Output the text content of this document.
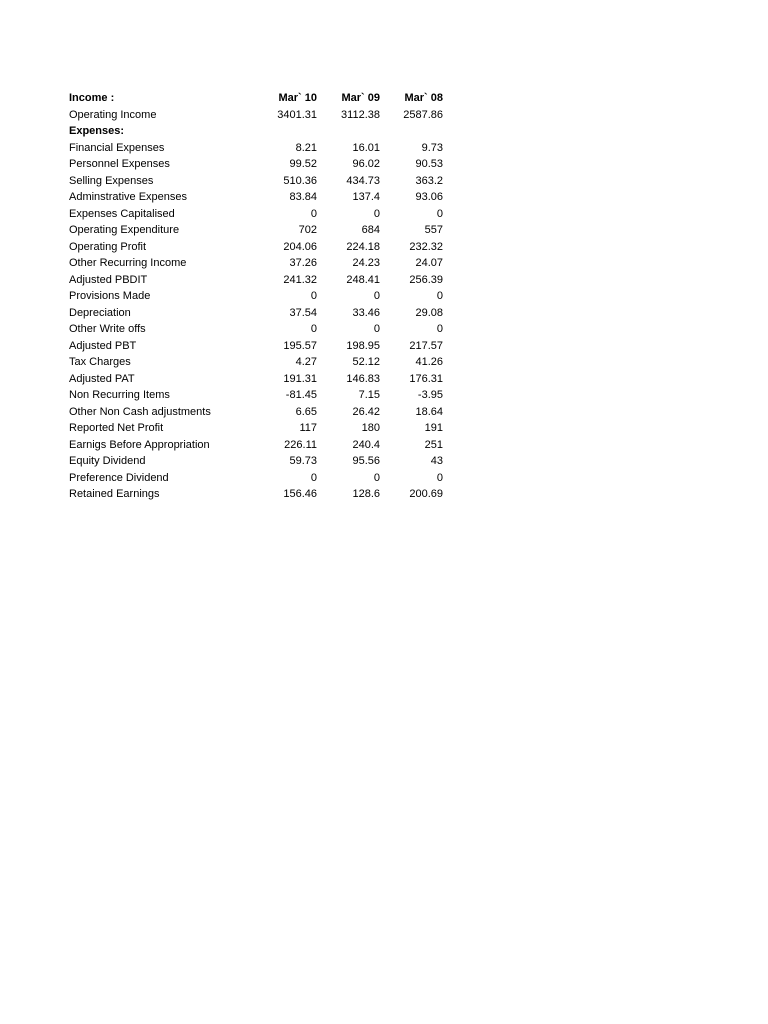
Income :	Mar` 10	Mar` 09	Mar` 08
Operating Income	3401.31	3112.38	2587.86
Expenses:			
Financial Expenses	8.21	16.01	9.73
Personnel Expenses	99.52	96.02	90.53
Selling Expenses	510.36	434.73	363.2
Adminstrative Expenses	83.84	137.4	93.06
Expenses Capitalised	0	0	0
Operating Expenditure	702	684	557
Operating Profit	204.06	224.18	232.32
Other Recurring Income	37.26	24.23	24.07
Adjusted PBDIT	241.32	248.41	256.39
Provisions Made	0	0	0
Depreciation	37.54	33.46	29.08
Other Write offs	0	0	0
Adjusted PBT	195.57	198.95	217.57
Tax Charges	4.27	52.12	41.26
Adjusted PAT	191.31	146.83	176.31
Non Recurring Items	-81.45	7.15	-3.95
Other Non Cash adjustments	6.65	26.42	18.64
Reported Net Profit	117	180	191
Earnigs Before Appropriation	226.11	240.4	251
Equity Dividend	59.73	95.56	43
Preference Dividend	0	0	0
Retained Earnings	156.46	128.6	200.69
